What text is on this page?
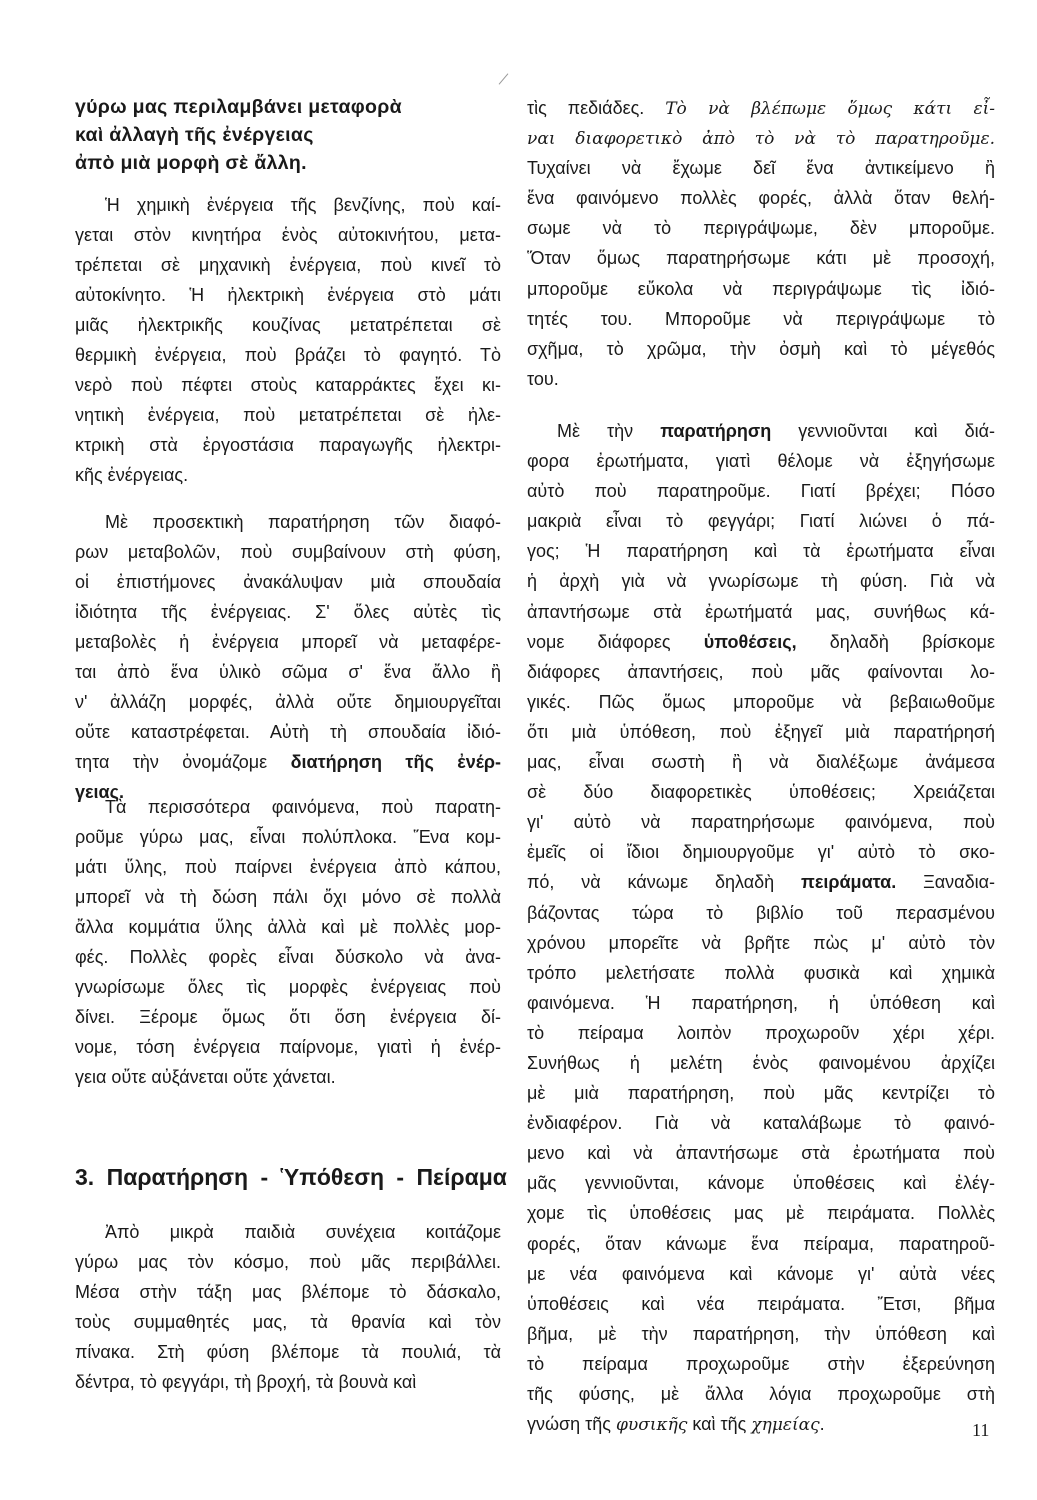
γύρω μας περιλαμβάνει μεταφορὰ
καὶ ἀλλαγὴ τῆς ἐνέργειας
ἀπὸ μιὰ μορφὴ σὲ ἄλλη.
Ἡ χημικὴ ἐνέργεια τῆς βενζίνης, ποὺ καί-
γεται στὸν κινητήρα ἑνὸς αὐτοκινήτου, μετα-
τρέπεται σὲ μηχανικὴ ἐνέργεια, ποὺ κινεῖ τὸ
αὐτοκίνητο. Ἡ ἠλεκτρικὴ ἐνέργεια στὸ μάτι
μιᾶς ἠλεκτρικῆς κουζίνας μετατρέπεται σὲ
θερμικὴ ἐνέργεια, ποὺ βράζει τὸ φαγητό. Τὸ
νερὸ ποὺ πέφτει στοὺς καταρράκτες ἔχει κι-
νητικὴ ἐνέργεια, ποὺ μετατρέπεται σὲ ἠλε-
κτρικὴ στὰ ἐργοστάσια παραγωγῆς ἠλεκτρι-
κῆς ἐνέργειας.
Μὲ προσεκτικὴ παρατήρηση τῶν διαφό-
ρων μεταβολῶν, ποὺ συμβαίνουν στὴ φύση,
οἱ ἐπιστήμονες ἀνακάλυψαν μιὰ σπουδαία
ἰδιότητα τῆς ἐνέργειας. Σ' ὅλες αὐτὲς τὶς
μεταβολὲς ἡ ἐνέργεια μπορεῖ νὰ μεταφέρε-
ται ἀπὸ ἕνα ὑλικὸ σῶμα σ' ἕνα ἄλλο ἢ
ν' ἀλλάζη μορφές, ἀλλὰ οὔτε δημιουργεῖται
οὔτε καταστρέφεται. Αὐτὴ τὴ σπουδαία ἰδιό-
τητα τὴν ὀνομάζομε διατήρηση τῆς ἐνέρ-
γειας.
Τὰ περισσότερα φαινόμενα, ποὺ παρατη-
ροῦμε γύρω μας, εἶναι πολύπλοκα. Ἕνα κομ-
μάτι ὕλης, ποὺ παίρνει ἐνέργεια ἀπὸ κάπου,
μπορεῖ νὰ τὴ δώση πάλι ὄχι μόνο σὲ πολλὰ
ἄλλα κομμάτια ὕλης ἀλλὰ καὶ μὲ πολλὲς μορ-
φές. Πολλὲς φορὲς εἶναι δύσκολο νὰ ἀνα-
γνωρίσωμε ὅλες τὶς μορφὲς ἐνέργειας ποὺ
δίνει. Ξέρομε ὅμως ὅτι ὅση ἐνέργεια δί-
νομε, τόση ἐνέργεια παίρνομε, γιατὶ ἡ ἐνέρ-
γεια οὔτε αὐξάνεται οὔτε χάνεται.
3. Παρατήρηση - Ὑπόθεση - Πείραμα
Ἀπὸ μικρὰ παιδιὰ συνέχεια κοιτάζομε
γύρω μας τὸν κόσμο, ποὺ μᾶς περιβάλλει.
Μέσα στὴν τάξη μας βλέπομε τὸ δάσκαλο,
τοὺς συμμαθητές μας, τὰ θρανία καὶ τὸν
πίνακα. Στὴ φύση βλέπομε τὰ πουλιά, τὰ
δέντρα, τὸ φεγγάρι, τὴ βροχή, τὰ βουνὰ καὶ
τὶς πεδιάδες. Τὸ νὰ βλέπωμε ὅμως κάτι εἶ-
ναι διαφορετικὸ ἀπὸ τὸ νὰ τὸ παρατηροῦμε.
Τυχαίνει νὰ ἔχωμε δεῖ ἕνα ἀντικείμενο ἢ
ἕνα φαινόμενο πολλὲς φορές, ἀλλὰ ὅταν θελή-
σωμε νὰ τὸ περιγράψωμε, δὲν μποροῦμε.
Ὅταν ὅμως παρατηρήσωμε κάτι μὲ προσοχή,
μποροῦμε εὔκολα νὰ περιγράψωμε τὶς ἰδιό-
τητές του. Μποροῦμε νὰ περιγράψωμε τὸ
σχῆμα, τὸ χρῶμα, τὴν ὀσμὴ καὶ τὸ μέγεθός
του.
Μὲ τὴν παρατήρηση γεννιοῦνται καὶ διά-
φορα ἐρωτήματα, γιατὶ θέλομε νὰ ἐξηγήσωμε
αὐτὸ ποὺ παρατηροῦμε. Γιατί βρέχει; Πόσο
μακριὰ εἶναι τὸ φεγγάρι; Γιατί λιώνει ὁ πά-
γος; Ἡ παρατήρηση καὶ τὰ ἐρωτήματα εἶναι
ἡ ἀρχὴ γιὰ νὰ γνωρίσωμε τὴ φύση. Γιὰ νὰ
ἀπαντήσωμε στὰ ἐρωτήματά μας, συνήθως κά-
νομε διάφορες ὑποθέσεις, δηλαδὴ βρίσκομε
διάφορες ἀπαντήσεις, ποὺ μᾶς φαίνονται λο-
γικές. Πῶς ὅμως μποροῦμε νὰ βεβαιωθοῦμε
ὅτι μιὰ ὑπόθεση, ποὺ ἐξηγεῖ μιὰ παρατήρησή
μας, εἶναι σωστὴ ἢ νὰ διαλέξωμε ἀνάμεσα
σὲ δύο διαφορετικὲς ὑποθέσεις; Χρειάζεται
γι' αὐτὸ νὰ παρατηρήσωμε φαινόμενα, ποὺ
ἐμεῖς οἱ ἴδιοι δημιουργοῦμε γι' αὐτὸ τὸ σκο-
πό, νὰ κάνωμε δηλαδὴ πειράματα. Ξαναδια-
βάζοντας τώρα τὸ βιβλίο τοῦ περασμένου
χρόνου μπορεῖτε νὰ βρῆτε πὼς μ' αὐτὸ τὸν
τρόπο μελετήσατε πολλὰ φυσικὰ καὶ χημικὰ
φαινόμενα. Ἡ παρατήρηση, ἡ ὑπόθεση καὶ
τὸ πείραμα λοιπὸν προχωροῦν χέρι χέρι.
Συνήθως ἡ μελέτη ἑνὸς φαινομένου ἀρχίζει
μὲ μιὰ παρατήρηση, ποὺ μᾶς κεντρίζει τὸ
ἐνδιαφέρον. Γιὰ νὰ καταλάβωμε τὸ φαινό-
μενο καὶ νὰ ἀπαντήσωμε στὰ ἐρωτήματα ποὺ
μᾶς γεννιοῦνται, κάνομε ὑποθέσεις καὶ ἐλέγ-
χομε τὶς ὑποθέσεις μας μὲ πειράματα. Πολλὲς
φορές, ὅταν κάνωμε ἕνα πείραμα, παρατηροῦ-
με νέα φαινόμενα καὶ κάνομε γι' αὐτὰ νέες
ὑποθέσεις καὶ νέα πειράματα. Ἔτσι, βῆμα
βῆμα, μὲ τὴν παρατήρηση, τὴν ὑπόθεση καὶ
τὸ πείραμα προχωροῦμε στὴν ἐξερεύνηση
τῆς φύσης, μὲ ἄλλα λόγια προχωροῦμε στὴ
γνώση τῆς φυσικῆς καὶ τῆς χημείας.	11
